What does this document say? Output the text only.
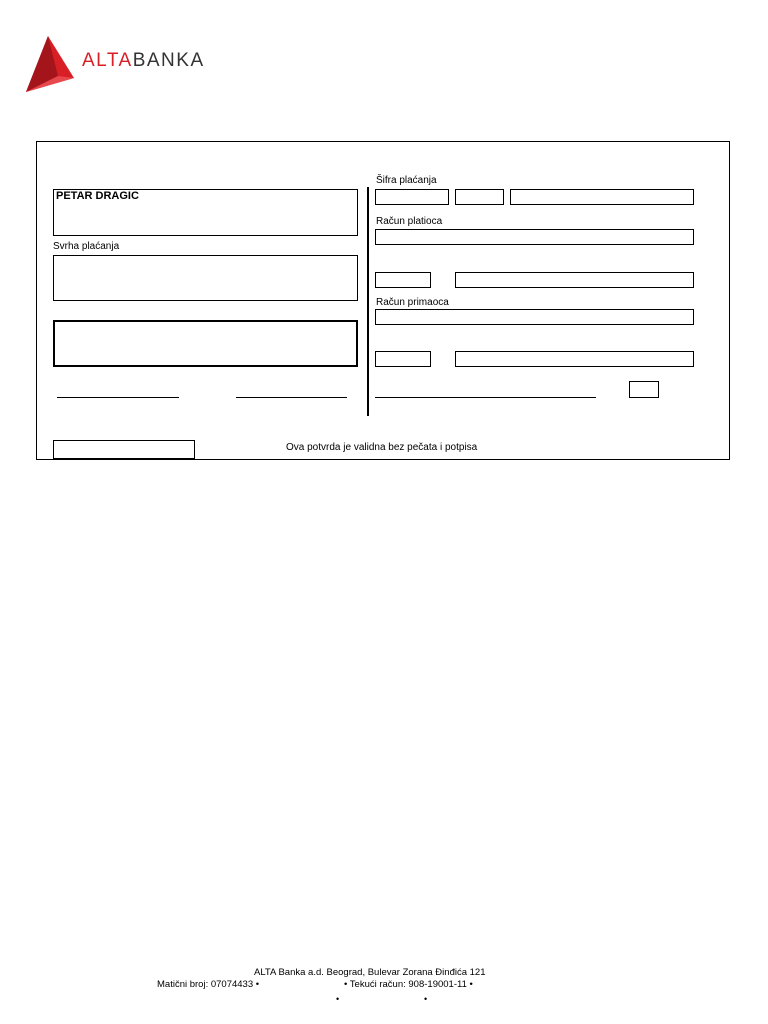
ALTABANKA
PETAR DRAGIC
Svrha plaćanja
Ova potvrda je validna bez pečata i potpisa
Šifra plaćanja
Račun platioca
Račun primaoca
ALTA Banka a.d. Beograd, Bulevar Zorana Đinđića 121
Matični broj: 07074433 •	• Tekući račun: 908-19001-11 •
•	•
